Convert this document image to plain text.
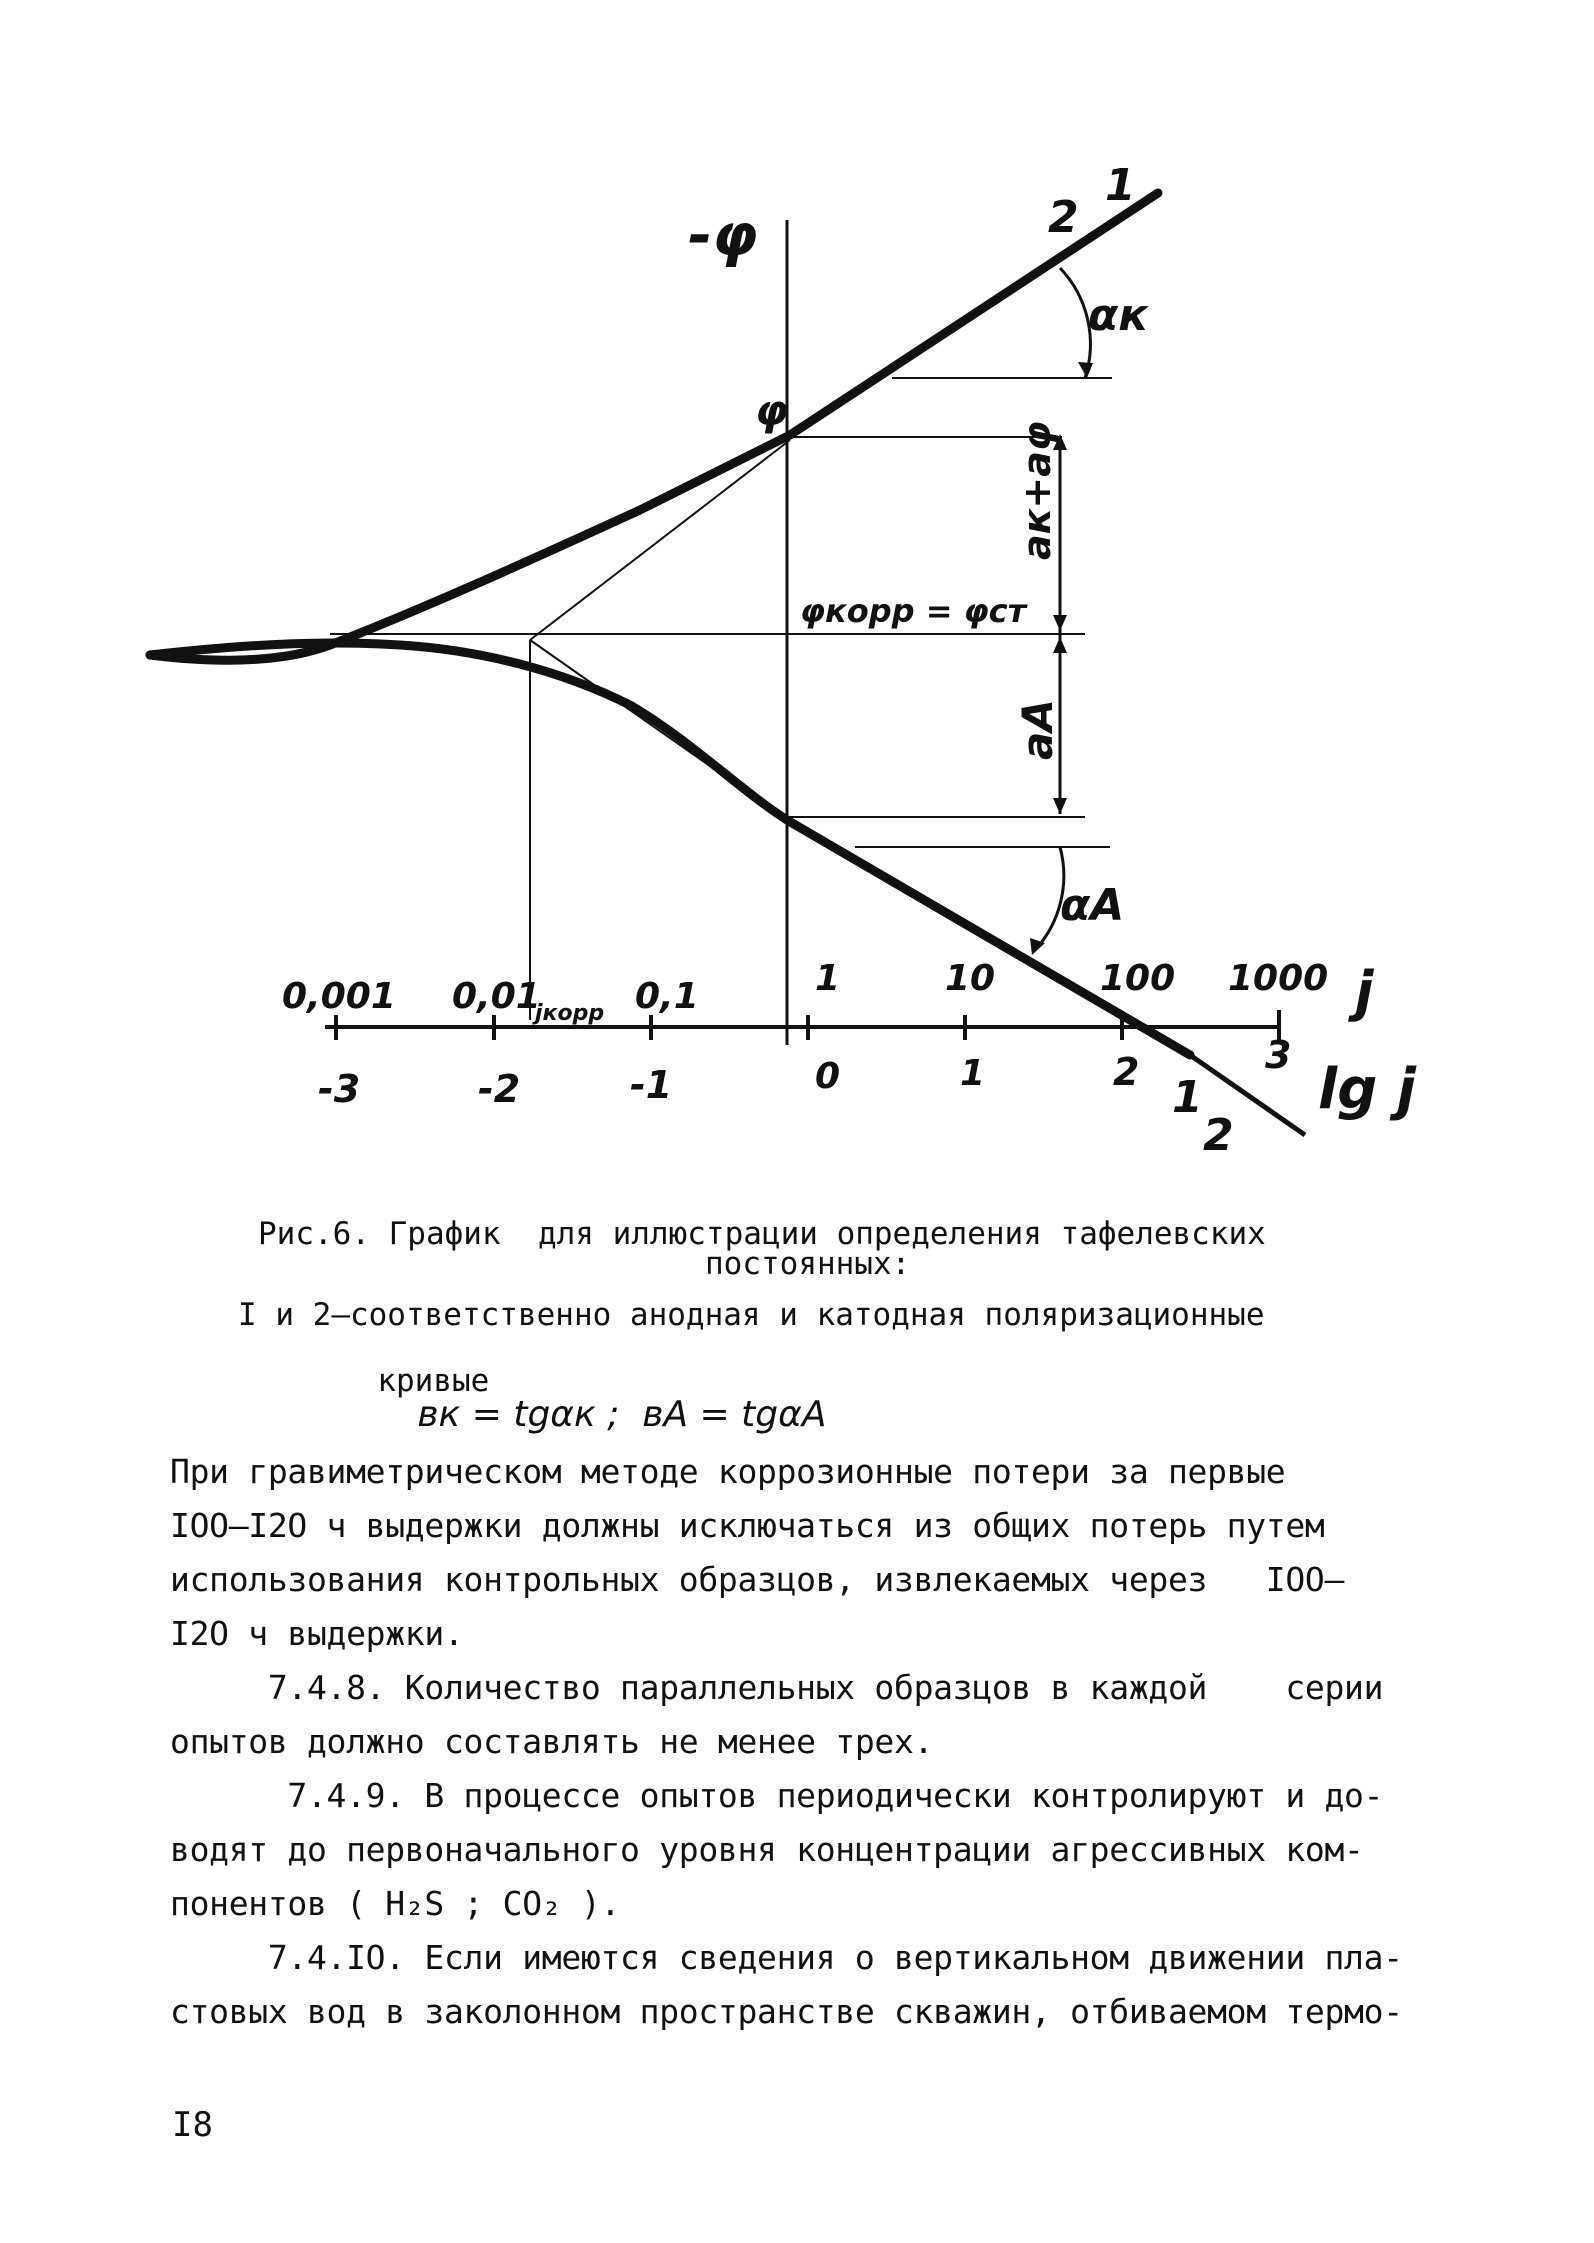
-φ
0,001 0,01	0,1	1	10	100 1000 j
jкорр
-3	-2	-1	0	1	2	3
lg j
φ
φкорр = φст
αк
αA
aк+aφ
aA
2
1
1
2
Рис.6. График  для иллюстрации определения тафелевских
постоянных:
I и 2–соответственно анодная и катодная поляризационные

кривые
вк = tgαк ;  вA = tgαA

При гравиметрическом методе коррозионные потери за первые
IOO–I2O ч выдержки должны исключаться из общих потерь путем
использования контрольных образцов, извлекаемых через   IOO–
I2O ч выдержки.
7.4.8. Количество параллельных образцов в каждой    серии
опытов должно составлять не менее трех.
7.4.9. В процессе опытов периодически контролируют и до-
водят до первоначального уровня концентрации агрессивных ком-
понентов ( H₂S ; CO₂ ).
7.4.IO. Если имеются сведения о вертикальном движении пла-
стовых вод в заколонном пространстве скважин, отбиваемом термо-
I8
